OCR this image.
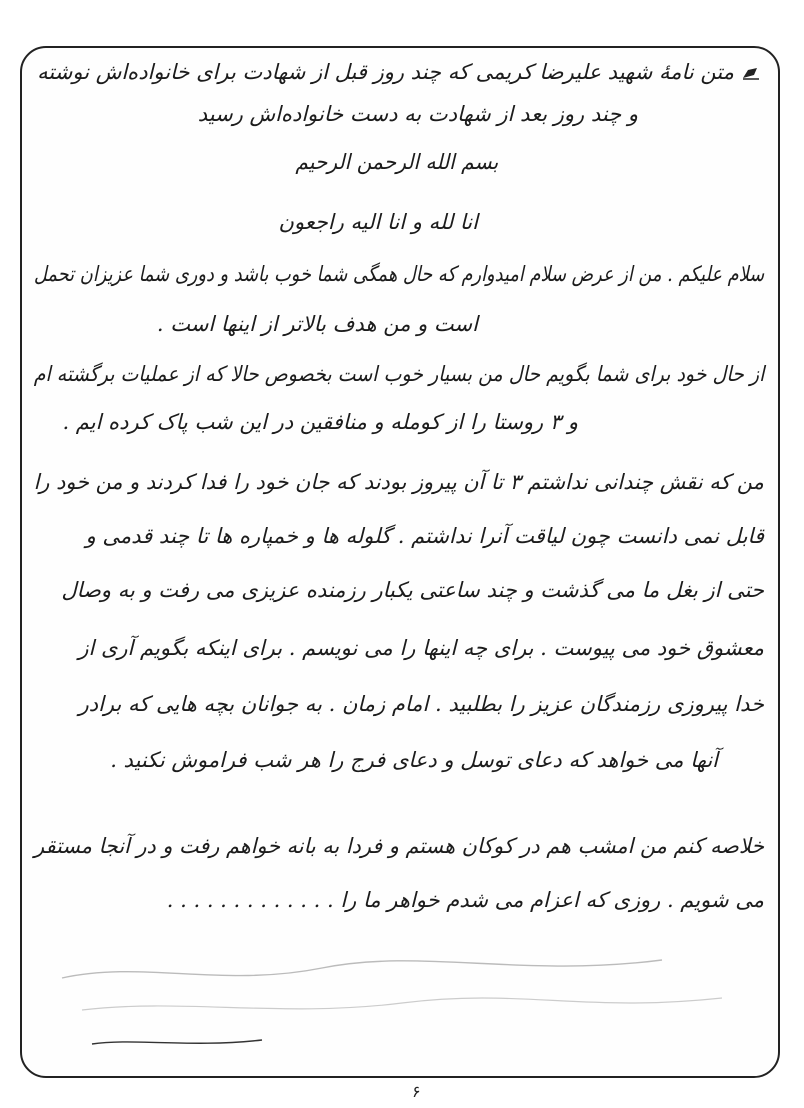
متن نامهٔ شهید علیرضا کریمی که چند روز قبل از شهادت برای خانواده‌اش نوشته
و چند روز بعد از شهادت به دست خانواده‌اش رسید
بسم الله الرحمن الرحیم
انا لله و انا الیه راجعون
سلام علیکم . من از عرض سلام امیدوارم که حال همگی شما خوب باشد و دوری شما عزیزان تحمل
است و من هدف بالاتر از اینها است .
از حال خود برای شما بگویم حال من بسیار خوب است بخصوص حالا که از عملیات برگشته ام
و ۳ روستا را از کومله و منافقین در این شب پاک کرده ایم .
من که نقش چندانی نداشتم ۳ تا آن پیروز بودند که جان خود را فدا کردند و من خود را
قابل نمی دانست چون لیاقت آنرا نداشتم . گلوله ها و خمپاره ها تا چند قدمی و
حتی از بغل ما می گذشت و چند ساعتی یکبار رزمنده عزیزی می رفت و به وصال
معشوق خود می پیوست . برای چه اینها را می نویسم . برای اینکه بگویم آری از
خدا پیروزی رزمندگان عزیز را بطلبید . امام زمان . به جوانان بچه هایی که برادر
آنها می خواهد که دعای توسل و دعای فرج را هر شب فراموش نکنید .
خلاصه کنم من امشب هم در کوکان هستم و فردا به بانه خواهم رفت و در آنجا مستقر
می شویم . روزی که اعزام می شدم خواهر ما را . . . . . . . . . . . . .
۶
